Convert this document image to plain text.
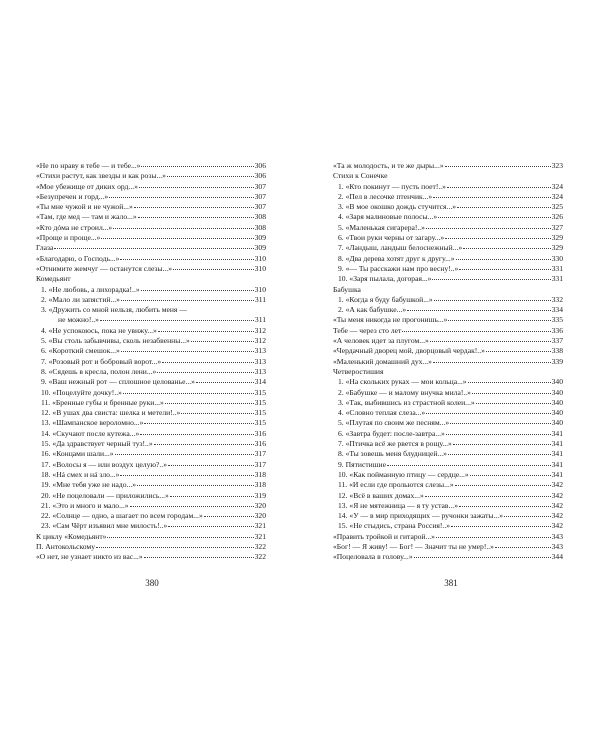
«Не по нраву я тебе — и тебе...»	306
«Стихи растут, как звезды и как розы...»	306
«Мое убежище от диких орд...»	307
«Безупречен и горд...»	307
«Ты мне чужой и не чужой...»	307
«Там, где мед — там и жало...»	308
«Кто дóма не строил...»	308
«Проще и проще...»	309
Глаза	309
«Благодарю, о Господь...»	310
«Отнимите жемчуг — останутся слезы...»	310
Комедьянт
1. «Не любовь, а лихорадка!..»	310
2. «Мало ли запястий...»	311
3. «Дружить со мной нельзя, любить меня —
не можно!..»	311
4. «Не успокоюсь, пока не увижу...»	312
5. «Вы столь забывчивы, сколь незабвенны...»	312
6. «Короткий смешок...»	313
7. «Розовый рот и бобровый ворот...»	313
8. «Сядешь в кресла, полон лени...»	313
9. «Ваш нежный рот — сплошное целованье...»	314
10. «Поцелуйте дочку!..»	315
11. «Бренные губы и бренные руки...»	315
12. «В ушах два свиста: шелка и метели!..»	315
13. «Шампанское вероломно...»	315
14. «Скучают после кутежа...»	316
15. «Да здравствует черный туз!..»	316
16. «Концами шали...»	317
17. «Волосы я — или воздух целую?..»	317
18. «Нá смех и нá зло...»	318
19. «Мне тебя уже не надо...»	318
20. «Не поцеловали — приложились...»	319
21. «Это и много и мало...»	320
22. «Солнце — одно, а шагает по всем городам...»	320
23. «Сам Чёрт изъявил мне милость!..»	321
К циклу «Комедьянт»	321
П. Антокольскому	322
«О нет, не узнает никто из вас...»	322
380
«Та ж молодость, и те же дыры...»	323
Стихи к Сонечке
1. «Кто покинут — пусть поет!..»	324
2. «Пел в лесочке птенчик...»	324
3. «В мое окошко дождь стучится...»	325
4. «Заря малиновые полосы...»	326
5. «Маленькая сигарера!..»	327
6. «Твои руки черны от загару...»	329
7. «Ландыш, ландыш белоснежный...»	329
8. «Два дерева хотят друг к другу...»	330
9. «— Ты расскажи нам про весну!..»	331
10. «Заря пылала, догорая...»	331
Бабушка
1. «Когда я буду бабушкой...»	332
2. «А как бабушке...»	334
«Ты меня никогда не прогонишь...»	335
Тебе — через сто лет	336
«А человек идет за плугом...»	337
«Чердачный дворец мой, дворцовый чердак!..»	338
«Маленький домашний дух...»	339
Четверостишия
1. «На скольких руках — мои кольца...»	340
2. «Бабушке — и малому внучка мила!..»	340
3. «Так, выбившись из страстной колеи...»	340
4. «Словно теплая слеза...»	340
5. «Плутая по своим же песням...»	340
6. «Завтра будет: после-завтра...»	341
7. «Птичка всё же рвется в рощу...»	341
8. «Ты зовешь меня блудницей...»	341
9. Пятистишие	341
10. «Как пойманную птицу — сердце...»	341
11. «И если где прольются слезы...»	342
12. «Всё в ваших домах...»	342
13. «Я не мятежница — я ту устав...»	342
14. «У — в мир приходящих — ручонки зажаты...»	342
15. «Не стыдись, страна Россия!..»	342
«Править тройкой и гитарой...»	343
«Бог! — Я живу! — Бог! — Значит ты не умер!..»	343
«Поцеловала в голову...»	344
381
